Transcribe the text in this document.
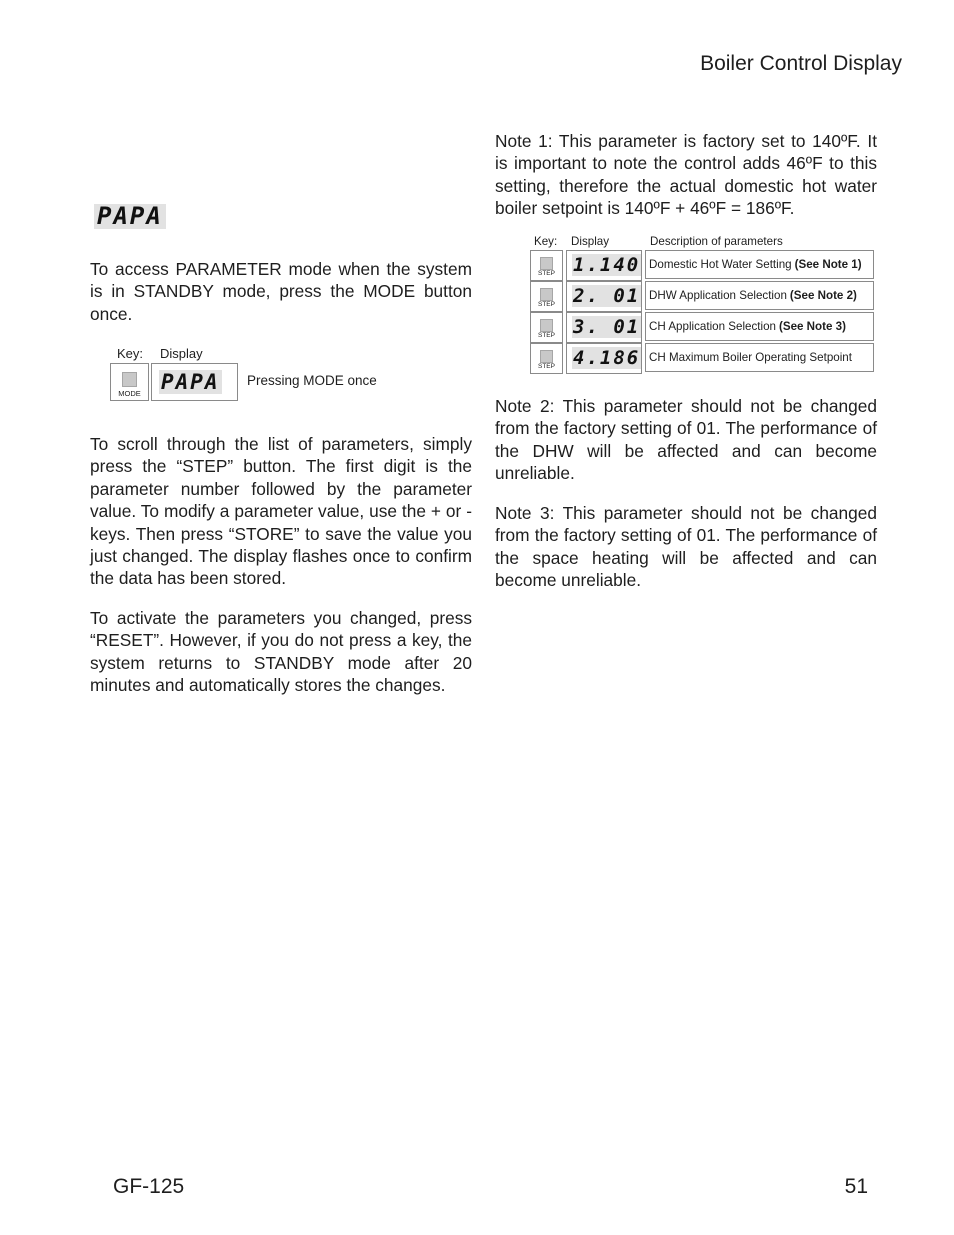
Boiler Control Display
PAPA
To access PARAMETER mode when the system is in STANDBY mode, press the MODE button once.
Key: Display
MODE PAPA Pressing MODE once
To scroll through the list of parameters, simply press the “STEP” button. The first digit is the parameter number followed by the parameter value. To modify a parameter value, use the + or - keys. Then press “STORE” to save the value you just changed. The display flashes once to confirm the data has been stored.
To activate the parameters you changed, press “RESET”. However, if you do not press a key, the system returns to STANDBY mode after 20 minutes and automatically stores the changes.
Note 1: This parameter is factory set to 140ºF. It is important to note the control adds 46ºF to this setting, therefore the actual domestic hot water boiler setpoint is 140ºF + 46ºF = 186ºF.
Key: Display	Description of parameters
STEP 1.140 Domestic Hot Water Setting (See Note 1)
STEP 2. 01 DHW Application Selection (See Note 2)
STEP 3. 01 CH Application Selection (See Note 3)
STEP 4.186 CH Maximum Boiler Operating Setpoint
Note 2: This parameter should not be changed from the factory setting of 01. The performance of the DHW will be affected and can become unreliable.
Note 3: This parameter should not be changed from the factory setting of 01. The performance of the space heating will be affected and can become unreliable.
GF-125	51
